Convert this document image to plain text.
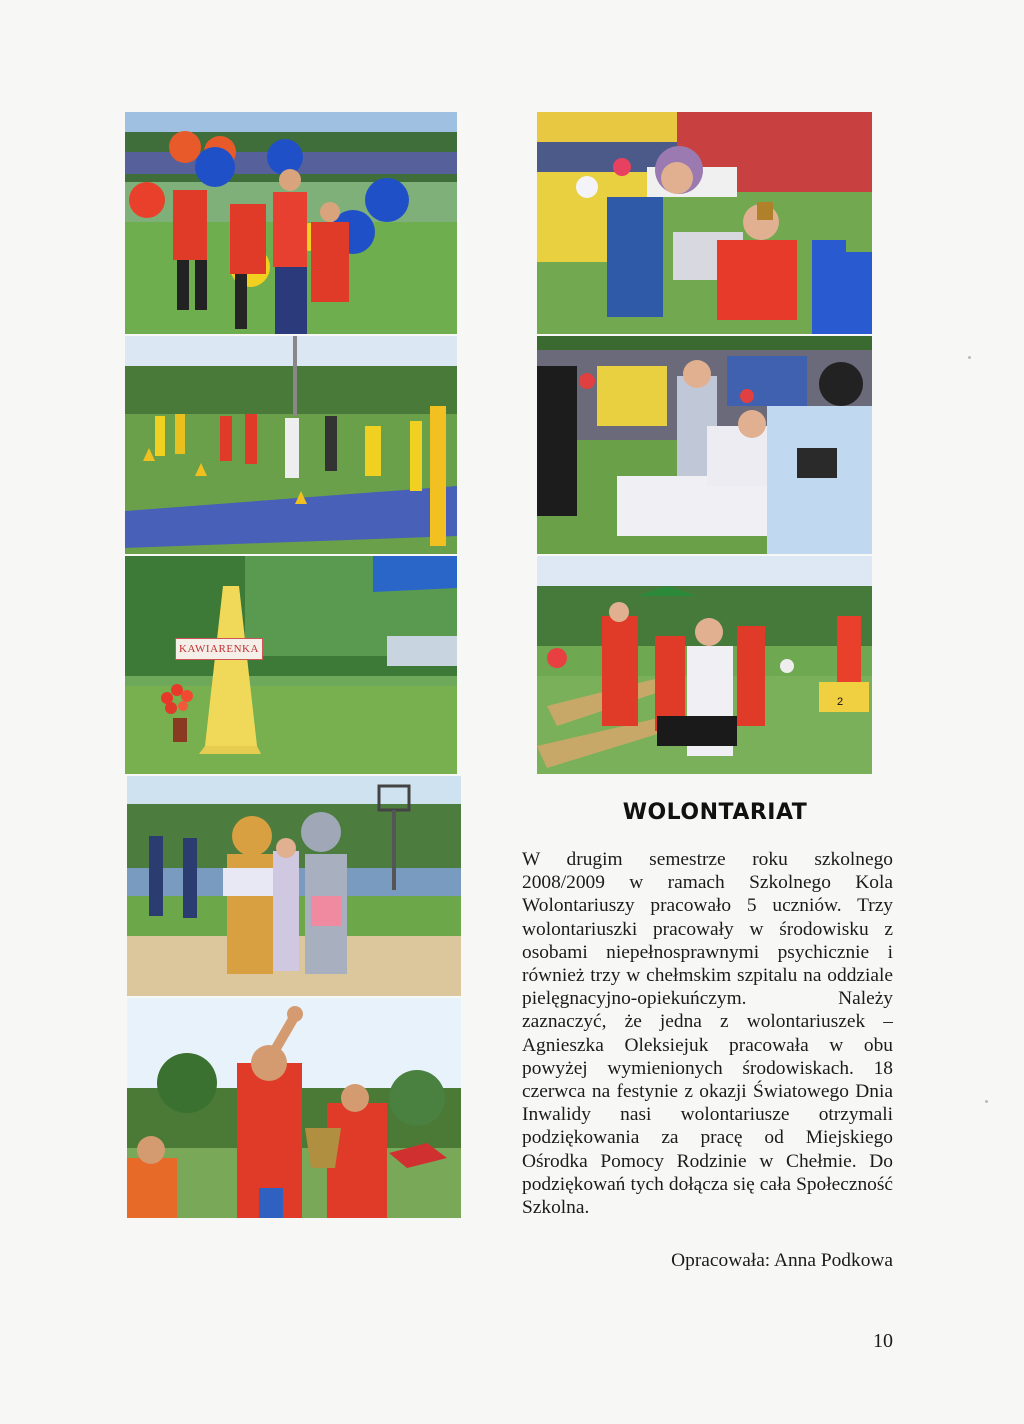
KAWIARENKA
2
WOLONTARIAT

W drugim semestrze roku szkolnego 2008/2009 w ramach Szkolnego Kola Wolontariuszy pracowało 5 uczniów. Trzy wolontariuszki pracowały w środowisku z osobami niepełnosprawnymi psychicznie i również trzy w chełmskim szpitalu na oddziale pielęgnacyjno-opiekuńczym. Należy zaznaczyć, że jedna z wolontariuszek – Agnieszka Oleksiejuk pracowała w obu powyżej wymienionych środowiskach. 18 czerwca na festynie z okazji Światowego Dnia Inwalidy nasi wolontariusze otrzymali podziękowania za pracę od Miejskiego Ośrodka Pomocy Rodzinie w Chełmie. Do podziękowań tych dołącza się cała Społeczność Szkolna.

Opracowała: Anna Podkowa
10
